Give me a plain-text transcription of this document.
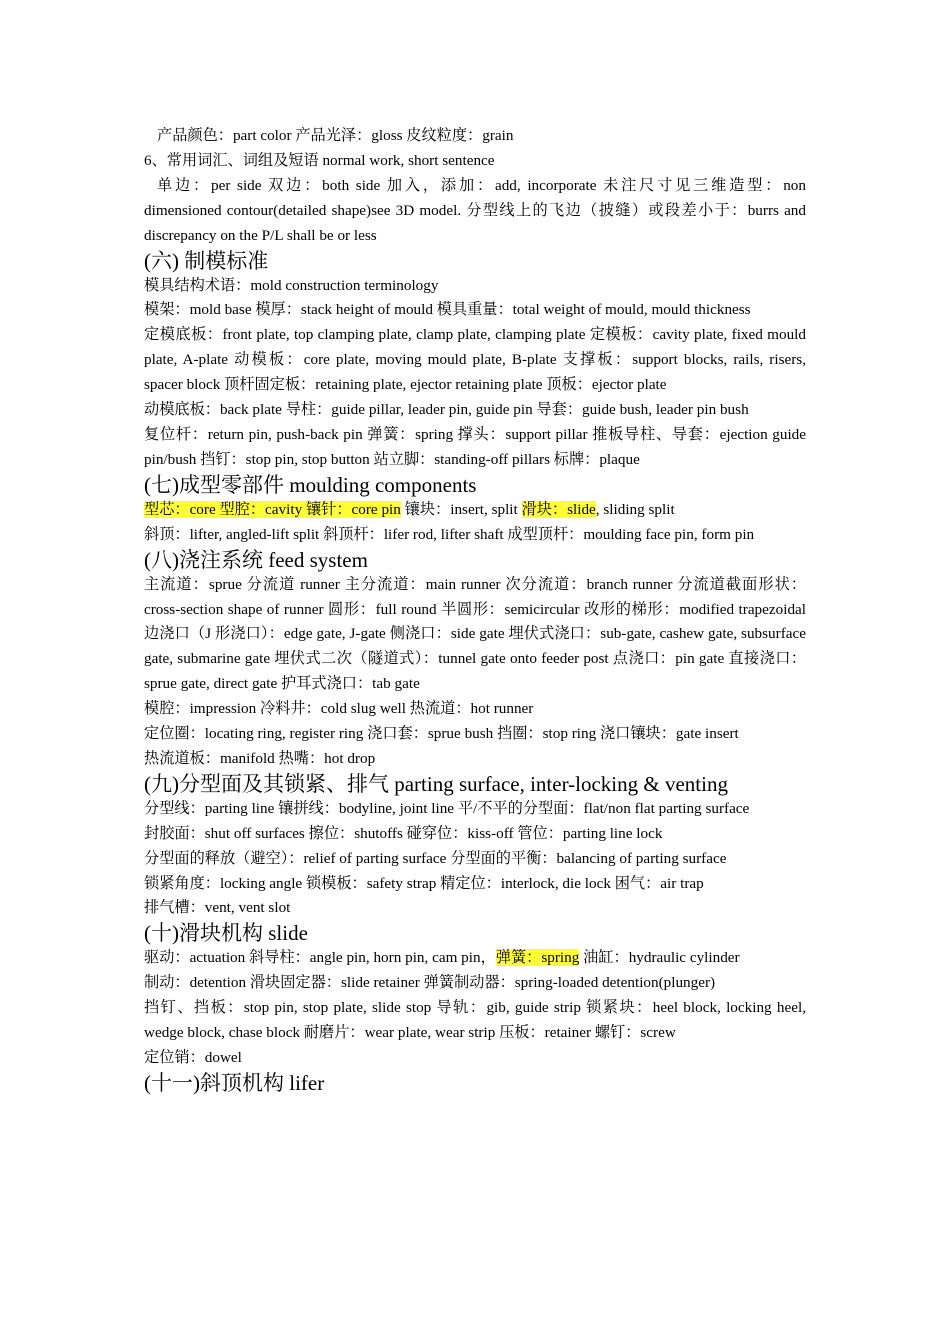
产品颜色：part color 产品光泽：gloss 皮纹粒度：grain
6、常用词汇、词组及短语 normal work, short sentence
单边：per side 双边：both side 加入，添加：add, incorporate 未注尺寸见三维造型：non dimensioned contour(detailed shape)see 3D model. 分型线上的飞边（披缝）或段差小于：burrs and discrepancy on the P/L shall be or less
(六) 制模标准
模具结构术语：mold construction terminology
模架：mold base 模厚：stack height of mould 模具重量：total weight of mould, mould thickness
定模底板：front plate, top clamping plate, clamp plate, clamping plate 定模板：cavity plate, fixed mould plate, A-plate 动模板：core plate, moving mould plate, B-plate 支撑板：support blocks, rails, risers, spacer block 顶杆固定板：retaining plate, ejector retaining plate 顶板：ejector plate
动模底板：back plate 导柱：guide pillar, leader pin, guide pin 导套：guide bush, leader pin bush
复位杆：return pin, push-back pin 弹簧：spring 撑头：support pillar 推板导柱、导套：ejection guide pin/bush 挡钉：stop pin, stop button 站立脚：standing-off pillars 标牌：plaque
(七)成型零部件 moulding components
型芯：core 型腔：cavity 镶针：core pin 镶块：insert, split 滑块：slide, sliding split
斜顶：lifter, angled-lift split 斜顶杆：lifer rod, lifter shaft 成型顶杆：moulding face pin, form pin
(八)浇注系统 feed system
主流道：sprue 分流道 runner 主分流道：main runner 次分流道：branch runner 分流道截面形状：cross-section shape of runner 圆形：full round 半圆形：semicircular 改形的梯形：modified trapezoidal 边浇口（J 形浇口）：edge gate, J-gate 侧浇口：side gate 埋伏式浇口：sub-gate, cashew gate, subsurface gate, submarine gate 埋伏式二次（隧道式）：tunnel gate onto feeder post 点浇口：pin gate 直接浇口：sprue gate, direct gate 护耳式浇口：tab gate
模腔：impression 冷料井：cold slug well 热流道：hot runner
定位圈：locating ring, register ring 浇口套：sprue bush 挡圈：stop ring 浇口镶块：gate insert
热流道板：manifold 热嘴：hot drop
(九)分型面及其锁紧、排气 parting surface, inter-locking & venting
分型线：parting line 镶拼线：bodyline, joint line 平/不平的分型面：flat/non flat parting surface
封胶面：shut off surfaces 擦位：shutoffs 碰穿位：kiss-off 管位：parting line lock
分型面的释放（避空）：relief of parting surface 分型面的平衡：balancing of parting surface
锁紧角度：locking angle 锁模板：safety strap 精定位：interlock, die lock 困气：air trap
排气槽：vent, vent slot
(十)滑块机构 slide
驱动：actuation 斜导柱：angle pin, horn pin, cam pin，弹簧：spring 油缸：hydraulic cylinder
制动：detention 滑块固定器：slide retainer 弹簧制动器：spring-loaded detention(plunger)
挡钉、挡板：stop pin, stop plate, slide stop 导轨：gib, guide strip 锁紧块：heel block, locking heel, wedge block, chase block 耐磨片：wear plate, wear strip 压板：retainer 螺钉：screw
定位销：dowel
(十一)斜顶机构 lifer
